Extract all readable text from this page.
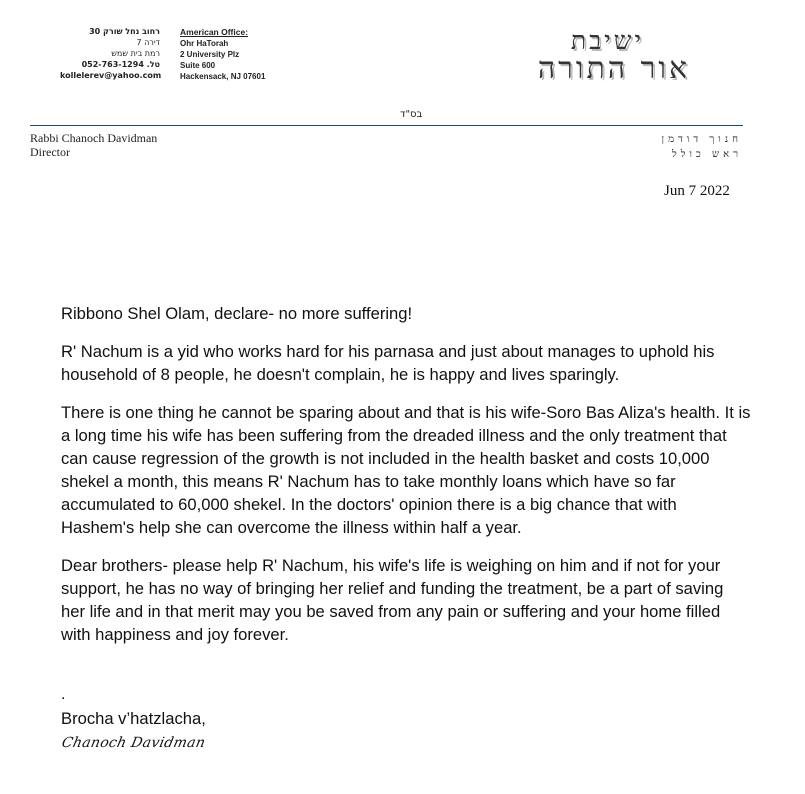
רחוב נחל שורק 30
דירה 7
רמת בית שמש
טל. 052-763-1294
kollelerev@yahoo.com
American Office:
Ohr HaTorah
2 University Plz
Suite 600
Hackensack, NJ 07601
ישיבת
אור התורה
בס"ד
Rabbi Chanoch Davidman
Director
חנוך דודמן
ראש כולל
Jun 7 2022

Ribbono Shel Olam, declare- no more suffering!

R' Nachum is a yid who works hard for his parnasa and just about manages to uphold his household of 8 people, he doesn't complain, he is happy and lives sparingly.

There is one thing he cannot be sparing about and that is his wife-Soro Bas Aliza's health. It is a long time his wife has been suffering from the dreaded illness and the only treatment that can cause regression of the growth is not included in the health basket and costs 10,000 shekel a month, this means R' Nachum has to take monthly loans which have so far accumulated to 60,000 shekel. In the doctors' opinion there is a big chance that with Hashem's help she can overcome the illness within half a year.

Dear brothers- please help R' Nachum, his wife's life is weighing on him and if not for your support, he has no way of bringing her relief and funding the treatment, be a part of saving her life and in that merit may you be saved from any pain or suffering and your home filled with happiness and joy forever.

.
Brocha v’hatzlacha,
Chanoch Davidman
